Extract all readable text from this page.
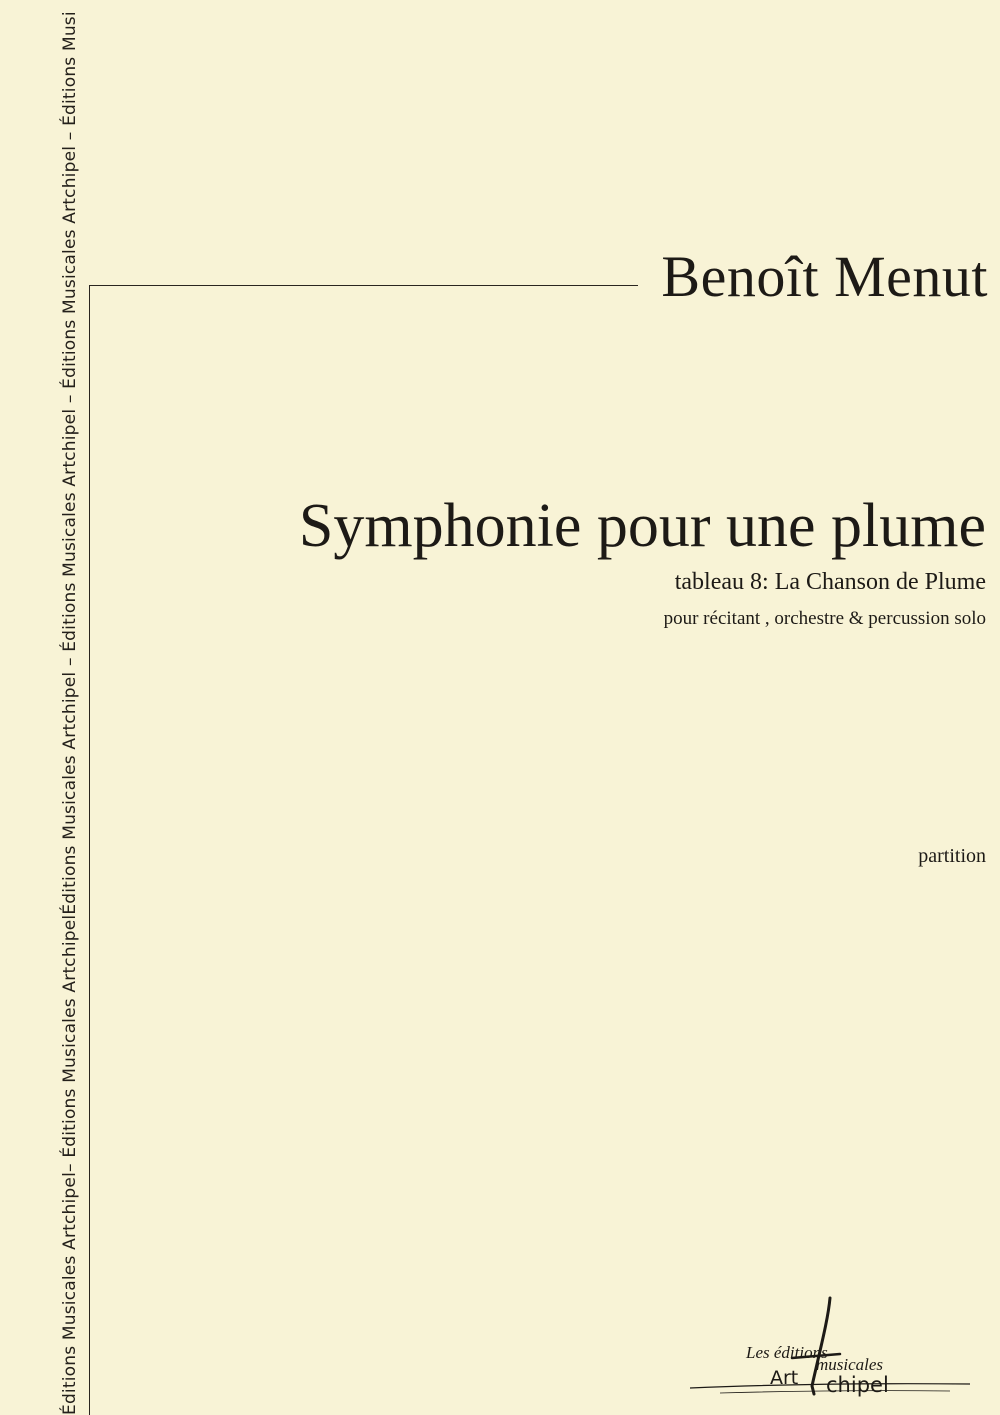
Éditions Musicales Artchipel– Éditions Musicales ArtchipelÉditions Musicales Artchipel – Éditions Musicales Artchipel – Éditions Musicales Artchipel – Éditions Musi	Benoît Menut
Symphonie pour une plume
tableau 8: La Chanson de Plume
pour récitant , orchestre & percussion solo
partition
Les éditions
musicales
Art chipel
